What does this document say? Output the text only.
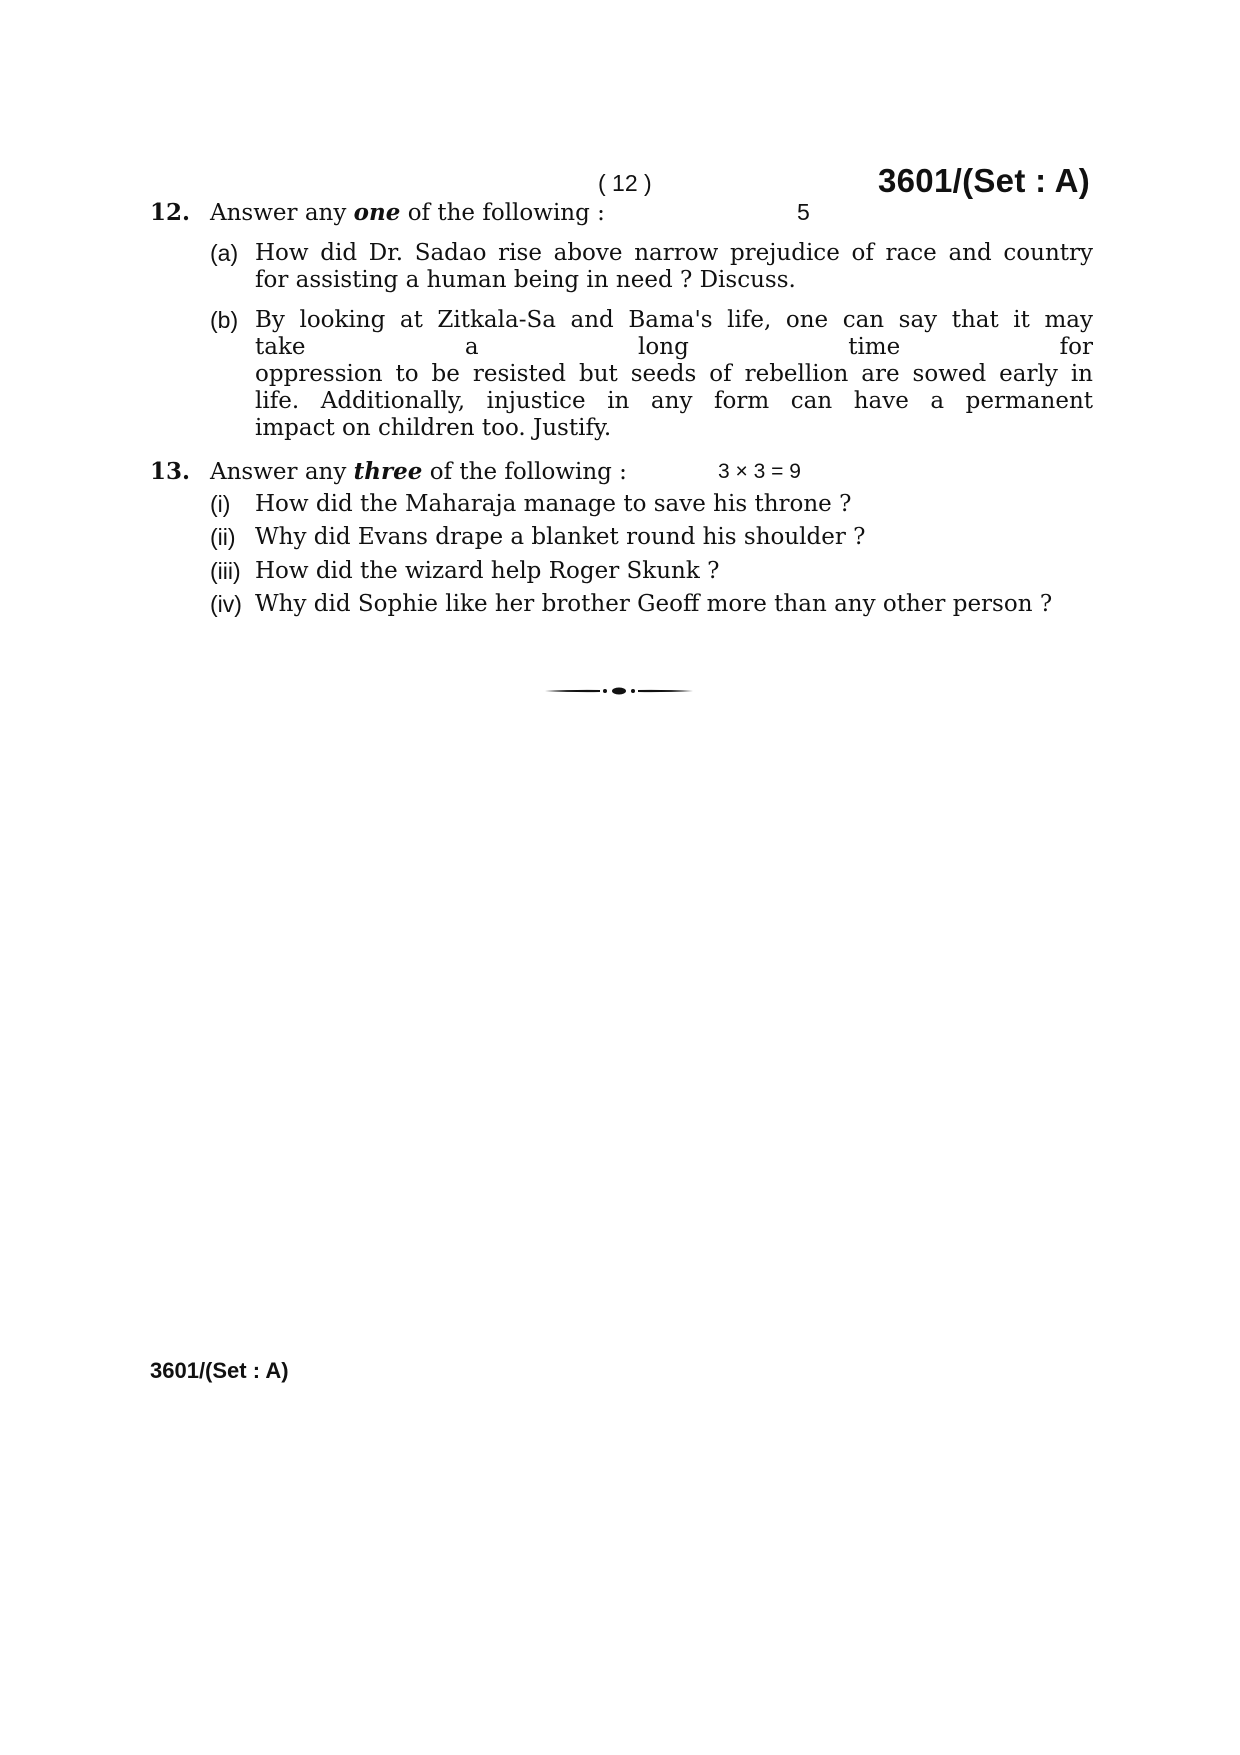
( 12 )	3601/(Set : A)
12. Answer any one of the following :	5
(a) How did Dr. Sadao rise above narrow prejudice of race and country
for assisting a human being in need ? Discuss.
(b) By looking at Zitkala-Sa and Bama's life, one can say that it may
take a long time for
oppression to be resisted but seeds of rebellion are sowed early in
life. Additionally, injustice in any form can have a permanent
impact on children too. Justify.
13. Answer any three of the following :	3 × 3 = 9
(i)	How did the Maharaja manage to save his throne ?
(ii) Why did Evans drape a blanket round his shoulder ?
(iii) How did the wizard help Roger Skunk ?
(iv) Why did Sophie like her brother Geoff more than any other person ?
3601/(Set : A)
